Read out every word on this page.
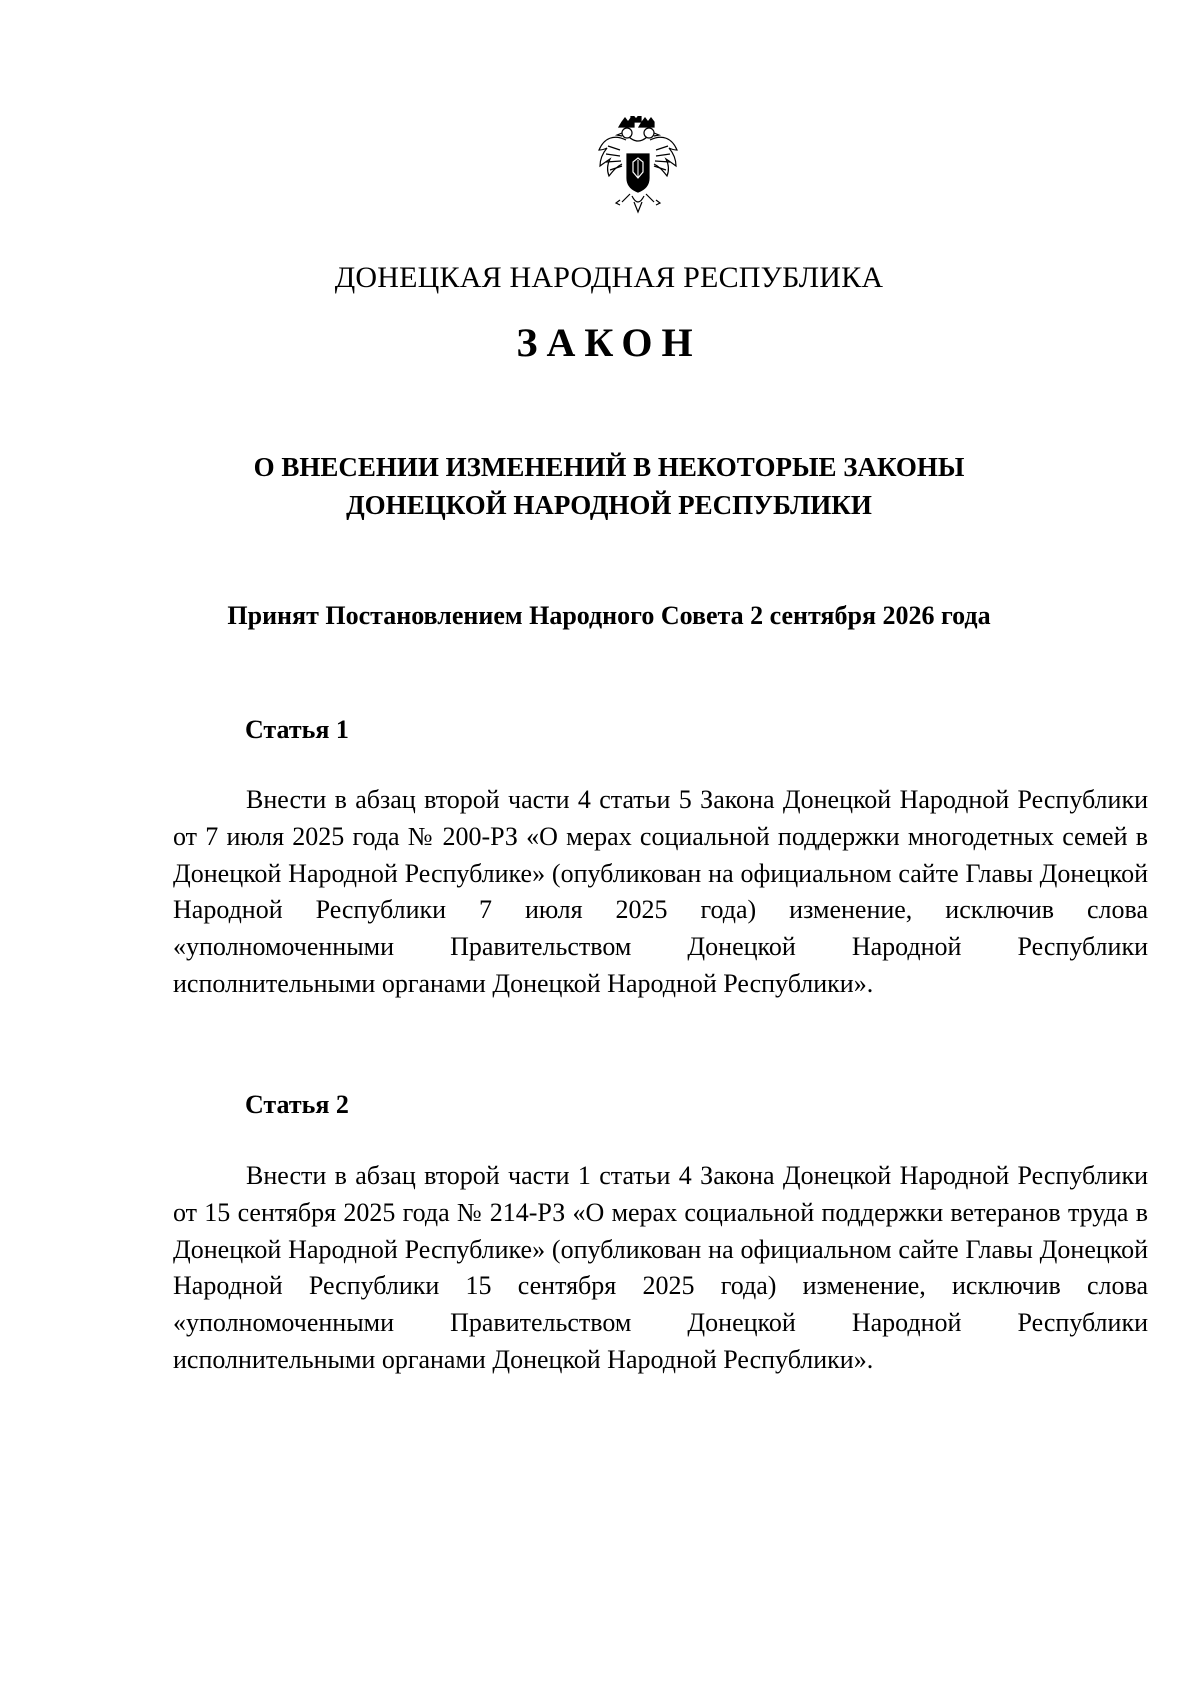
ДОНЕЦКАЯ НАРОДНАЯ РЕСПУБЛИКА
ЗАКОН
О ВНЕСЕНИИ ИЗМЕНЕНИЙ В НЕКОТОРЫЕ ЗАКОНЫ
ДОНЕЦКОЙ НАРОДНОЙ РЕСПУБЛИКИ
Принят Постановлением Народного Совета 2 сентября 2026 года
Статья 1

Внести в абзац второй части 4 статьи 5 Закона Донецкой Народной Республики от 7 июля 2025 года № 200-РЗ «О мерах социальной поддержки многодетных семей в Донецкой Народной Республике» (опубликован на официальном сайте Главы Донецкой Народной Республики 7 июля 2025 года) изменение, исключив слова «уполномоченными Правительством Донецкой Народной Республики исполнительными органами Донецкой Народной Республики».

Статья 2

Внести в абзац второй части 1 статьи 4 Закона Донецкой Народной Республики от 15 сентября 2025 года № 214-РЗ «О мерах социальной поддержки ветеранов труда в Донецкой Народной Республике» (опубликован на официальном сайте Главы Донецкой Народной Республики 15 сентября 2025 года) изменение, исключив слова «уполномоченными Правительством Донецкой Народной Республики исполнительными органами Донецкой Народной Республики».
